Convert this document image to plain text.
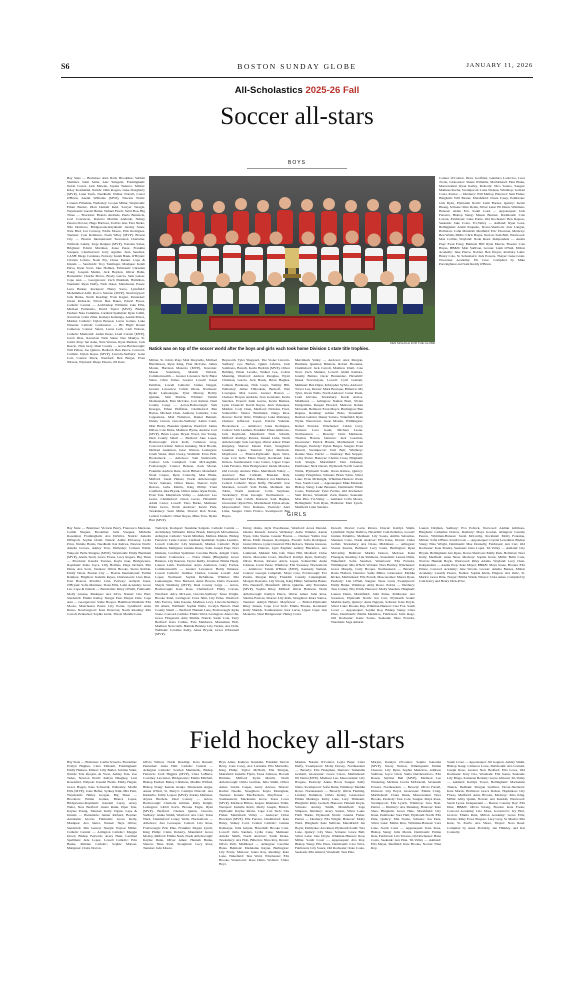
S6	BOSTON SUNDAY GLOBE	JANUARY 11, 2026
All-Scholastics 2025-26 Fall
Soccer all-stars
BOYS
Bay State — Braintree: Alex Roth, Brookline: Sebhan Shahleel, Saint Sams, Alec Smagula, Framingham: Nolan Cortes, Jack Mewak, Jayden Tedesco, Milton: Kiley Kosmalski, Natick: Odin Rogers, Luke Dougherty (MVP), Luna Teefs, Needham: Walker Norrell, Conor O'Brien, Austin Williams (MVP), Newton North: Lorenzo Filindale, Wellesley: Cooper Miller, Weymouth: Ethan Bazzet, Dion Demeil Reid, Sawyer Teragle, Weymouth: Garrett Butler, Nahuel Fasoli, Sabri Bou. Big Three — Brockton: Brando Andrade, Paulo Bettencia, Levi Conceicao, Roberto Martins Andrade, Sidney Pereira Da Luz, Hugo Barbosa, Toribio Jasa, Ezra Nieko, Nile Dermoso, Bridgewater-Raynham: Jeremy Saner, Nate Bird, Jon Conway, Eddie Moore, Erik Rodrigues, Taunton: Cole Robinson, Noah Wiley (MVP). Boston City — Boston International: Stevenson Charlaine, Wilfredo Lukby, Jorge Reignet (MVP), Yonatan Sabas, Brighton: Edwin Martinez, Josue Perez, Franklin Vasquez, Charlestown: Jerry Aguilar, Juan Sanchez, CASH: Diego Cardenas, Fenway: Isaiah Bauk, O'Bryant: Cristian Lobato, Noah Ely, Chase Rezner. Cape & Islands — Sandwich: Troy Tantlinger, Mashpee: Kaleb Paiva, Ryan Scott, Jake Holmes, Falmouth: Christian Foley, Joaquin Muller, Jack Heyden, Oliver Bahn, Barnstable: Charlie Pierce, Brody Garcia, Sam Gaiser. Cape Ann — Georgetown: Zach Pinkham, Hamilton-Wenham: Ryan Duffy, Nick Oates, Manchester Essex: Luca Barker, Rockport: Henry Sarro, Lynnfield: Mohammed Alfil, Rocco Salerno (MVP), Newburyport: Jack Burke, North Reading: Evan Kagan, Pentucket: Owen Richards, Triton: Ben Baker, Edwin Flores. Catholic Central — Archbishop Williams: Jake Ellis, Michael Furlanetto, David Taylor (MVP), Bishop Feehan: Nate Cummins, Cardinal Spellman: Ryan Cahill, Xaverian: Colin Zima, Kamayi Kamanga, Austin Prince, Malden Catholic: Dylan Benson, Lucas Gomes, Luke Wheeler. Catholic Conference — BC High: Ronan Cameron, Connor Stuart, Lucas Leib, Cam Watson, Catholic Memorial: Aidan Perez, Liam Curran (MVP), Jacob Diaz, Xaverian: Nick Saine, Deo Makiya, St. John's Prep: Ian Ashe, Nate Warren, Ryan Manton, Jack Rescio, Nick Gray. Dual County — Acton-Boxborough: Will Pellan, Joe Quince, Bedford: Ben Pierce, Concord-Carlisle: Dylan Reyes (MVP), Lincoln-Sudbury: Gabe Coll, Connor Mack, Westford: Ben Berger, Evan Nilsson, Wayland: Diego Pizarro, Eli Katz.
Connor O'Connor, Drew Godfried, Gianluca Lodovico, Luca Trotta, Gloucester: Shane Williams, Marblehead: Finn Blake, Masconomet: Ryan Kelley, Peabody: Nico Santos, Saugus: Matheus Rocha, Swampscott: Luke Nadeau, Winthrop: Gabriel Costa. Patriot — Duxbury: Will Malloy, Hanover: Sam Fisher, Hingham: Will Baxter, Marshfield: Owen Casey, Pembroke: Jack Ryan, Plymouth North: Liam Barnes, Quincy: Kevin Huang, Scituate: Max Dolan, Silver Lake: Eli Dunn, Whitman-Hanson: Aidan Fox. South Coast — Apponequet: Jack Ferreira, Bishop Stang: Mason Bernier, Dartmouth: Cole Lavoie, Fairhaven: Luke Ponte, Old Rochester: Ben Raposo, Seekonk: Jake Costa. Tri-Valley — Ashland: Ryan Goss, Bellingham: Adam Paquette, Dover-Sherborn: Jack Langan, Holliston: Colin Marshall, Medfield: Eric Thornton, Medway: Ben Walsh, Millis: Chris Hayes, Norton: Sam Bell, Westwood: Max Collins, Wayland: Noah Reed. Independent — Austin Prep: Evan Foley, Belmont Hill: Ryan Mercer, Brooks: Cole Hayes, BB&N: Matt Sullivan, Groton: Liam O'Neil, Milton Academy: Jake Pierce, Nobles: Ben Dwyer, Roxbury Latin: Henry Cole, St. Sebastian's: Jack Powers, Thayer: Luke Grant, Worcester Academy: Eli Cruz. Compiled by Mike Puccinghiere and Sam Ruddy O'Brien.
KEN McGAGH FOR THE GLOBE
Natick was on top of the soccer world after the boys and girls each took home Division 1 state title trophies.
Milton, St. John's Prep: Matt Dreyzelle, Michael Hutchinson, Ryan King, Finn McCabe, James Moran, Harrison Mazzola (MVP), Xaverian: Mason Soderberg, Maxim Vallarta. Commonwealth — Greater Lawrence Tech: Bujar Saber, Chris Tellez, Greater Lowell: Kasai Perlman, Lowell Catholic: Joshua Deggel, Greater Lawrence: Calvin Obote, Northeast: Ryder Lamontagne, Tyler Murray, Bobby Quinnn, Sam Marble, Whittier: Tamba Momenzadeh, Finn McCabe, Cort Ramon. Dual County Large — Acton-Boxborough: Sam Krueger, Ethan Hoffman, Chelmsford: Ben Bairos, Michael Chen, Anthony Calandra, Cole Cappadona, Matt Fullerton, Daniel Bennett, Danny Curran, Lincoln-Sudbury: Aidan Conti, Matt Healy, Brendan Quinlan, Westford: James Dillon, Cole Dube, Matthew Byrne, Andrew Carr (MVP), Brian Lopes, Bryan Wood, Ian Young. Dual County Small — Bedford: Jake Lopes, Boxborough: Zack Kolb, Cameron Gray, Concord-Carlisle: Simon Gunning, Nick Brodie, Michael Anderson, Isaac Warren, Lexington: Jonah Weiss, Matt Cleary, Waltham: Evan Holt. Hockomock — Attleboro: Sam Wentworth, Canton: Jack Campbell, Cam McLaughlin, Foxborough: Connor Benson, Zack Moran, Franklin: Andrew Ruiz, Jacob Hilbert, Mansfield: Noah Casper, Ryan Connolly, Max Blake, Milford: Jonah Hebert, North Attleborough: Victor Santana, Oliver Reese, Sharon: Kyle Reeves, Gabe Martin, King Philip: Trent Caulfield, Jake Bryant, Oliver Ames: Ryan Prado, Evan Tate. Merrimack Valley — Andover: Leo Grant, Chelmsford: Owen Lucas, Haverhill: Adam Carter, Lowell: Theo Burke, Methuen: Ethan Grace, North Andover: Kevin Park, Tewksbury: Sean Miller, Dracut: Rob Nolan, Central Catholic: Omar Reyes, Mike Tran, Dylan Hart (MVP).
Hepworth, Tyler Sheppard, The Stone: Lincoln-Sudbury: Leo Barber, Quinn Lefebre, Jack Sombrero, Baruch, Kevin Hedrick (MVP), Oliver Hebling, Ethan Lavelle, Walker Lee, Colton Manning, Westford: Andrew Peragine, Wyatt Christian, Garcia, Jack Hawk, Brian Hughes, Camren Barahona, Nick Carpi, Tommy Hill, Wellesley: James Thibodeau, Burkoff, Wen Lawtagne, Max Lewis. Greater Boston — Chelsea: Brayan Andrade, Ivan Gonzalez, Kevin Sanchez, Everett: Isiah Garcia, Kevin Benitez, Lynn Classical: Kevin Reyes, Juan Velasquez, Malden: Cody Chen, Medford: Nicholas Fruci, Somerville: Nestor Bermudez, Diego Rios, Revere: Kevin Ortiz, Winthrop: Luke Mahoney, Chelsea: Jefferson Lopez, Patrick Valiente. Hockomock — Attleboro: Jonas Rodrigues, Canton: Sam Lenihan, Franklin: Ethan Ambrosio, Jack Raymond, Mansfield: Nick Schultz, Milford: Rodrigo Pereira, Daniel Lima, North Attleborough: Jack Gavigan, Oliver Ames: Ethan Kingsley, Sharon: Ishaan Patel, Stoughton: Jonathan Lopes, Taunton: Tyler Machado. Mayflower — Bristol-Plymouth: Ryan Silva, Cape Cod Tech: Ethan Neary, Rockland: Jake Nelson, Southeastern: Caio Castro, Upper Cape: Liam Ferreira, West Bridgewater: Derek Moreira, Old Colony: Andrew Pinto. Merrimack Valley — Andover: Ben Cobham, Brendan Daly, Chelmsford: Sam Fuller, Billerica: Jon Matthews, Central Catholic: Ryan Duffy, Haverhill: Jose Martinez, Lowell: Sam Fedak, Methuen: Ian Tobin, North Andover: Colin Seymour, Tewksbury: Evan Keough. Northeastern — Beverly: Jake Cahill, Danvers: Sam Hughes, Gloucester: Ryan Fitts, Marblehead: Dylan Abate, Masconomet: Nico Romano, Peabody: Alex Lima, Saugus: Chris Franco, Swampscott: Ben Hayes.
Merrimack Valley — Andover: Alex Morgan, Harmane Quemon Bilancia, Robert Brookins, Chelmsford: Jack Carroll, Matthew Uhall, Cole Noel, Zach Shankar, Lowell: Abdul Kamara, Jeremy Batista, Oscar Hernandez, Haverhill: Derek Novotnayan, Lowell: Cyril Graham, Methuen: Ben Dijon, Kristopher Sylvia, Andover: Trevor Lee, Dracut: Mark Bourque, Billerica: Mo Tyler, Owen Wells, North Andover: Carter Paula, Liam Gilvane, Tewksbury: Kevin Avalos. Middlesex — Arlington: Nathan Brett, Vivian Dangerman, Reagan Howard, Melrose: Rohan McGrath, Belmont: Evan Mayor, Burlington: Ben Ragusa, Reading: Adrian Brito, Stoneham: Rueben Gabriel, Danny Soltero, Wakefield: Ryan Wylie, Watertown: Jason Mossin, Wilmington: Rafael Ferreira, Winchester: Calder Levy, Woburn: Luca Gantt, Michael Leone. Northeastern — Beverly: Chris Matheson, Thomas Bowen, Danvers: Jack Gorelick, Gloucester: Patrick Hawks, Marblehead: Cole Hartigan, Peabody: Dylan Berger, Saugus: Evan Durrell, Swampscott: Tom Bell, Winthrop: Ronnie Shea. Patriot — Duxbury: Ben Stopper, Colby Porter, Hanover: Charlie Cross, Hingham: Jack Sturgis, Marshfield: Dan Doheney, Pembroke: Nick Ducett, Plymouth North: Garrett White, Plymouth South: Owen Ramos, Quincy: Jeremy Fitzgibbon, Scituate: Brian Tolan, Silver Lake: Evan McKnight, Whitman-Hanson: Owen Tree. South Coast — Apponequet: Mike Miranda, Bishop Stang: Luke Bussiere, Dartmouth: Ethan Couto, Fairhaven: Tyler Freitas, Old Rochester: Sam Rivera, Wareham: Zack Duarte, Seekonk: Max Pina. Tri-Valley — Ashland: Colin Moore, Bellingham: Tom Ryan, Holliston: Matt Lynch, Medfield: Luke Sanders.
GIRLS
Bay State — Braintree: Victoria Barry, Francesca Mazzone, Caitlin Nugent, Brookline: Julia Vasquez, Michelle Rosenthal, Framingham: Ava DaSilva, Natick: Isabella DiNapoli, Sophia Orrell, Natick: Addie McGarey, Lydia Price, Natalie Harris, Needham: Kat Kaliwa, Newton North: Amelia Groves, Ashley Tran, Wellesley: Colleen Walsh, Walpole: Bella Shugrue (MVP), Weymouth: Emily Burnham (MVP), Alexis Snell, Grace Evans, Lucy Rogers. Big Three — Brockton: Kendra Tavares, Kayla Jean, Bridgewater-Raynham: Katie Joyce, Lilly Holmes, Paige Orchard, Mia Dunn, Ava Scott, Taunton: Olivia Brooks, Sierra Robbie, Emily Valois. Boston City — Boston International: Fatima Ramirez, Brighton: Isabella Reyes, Charlestown: Lina Diaz, East Boston: Priscilla Cruz, Fenway: Aaliyah Jones, O'Bryant: Sofia Martinez, Tiana Ellis, Latin Academy: Grace Lin. Cape & Islands — Barnstable: Riley O'Neill, Falmouth: Molly Greene, Mashpee: Ava Silva, Nauset: Lila Hart, Sandwich: Emma Kelley, Sturgis East: Harper Dale. Cape Ann — Georgetown: Sadie Hooper, Hamilton-Wenham: Ella Moore, Manchester Essex: Lily Porter, Lynnfield: Anna Russo, Newburyport: Kate Donovan, North Reading: Mia Carroll, Pentucket: Sophie Grant, Triton: Maddie Lane.
Tomczyk, Rockport: Sunshine Salgado. Catholic Central — Archbishop Williams: Khloe Brush, Marlayah McGuinness, Arlington Catholic: Sarah Minihan, Melissa Mulzer, Bishop Fenwick: Lexie Cortez, Cardinal Spellman: Sophia Leandro, Lowell Catholic: Lily Ramondi, Malden Catholic: Bryn Mulhern, Matignon: Gianna Russo, Saint Joseph Prep: Nora Dumont, Cardinal Spellman: Caroline Black, Abigail Clark. Catholic Conference — Notre Dame (Hingham): Grace Hannon, Lily Pearson, Taylor Reilly, Ursuline: Emma Healy, Lauren Leith, Fontbonne: Aiyla Anderson, Gaby Forbes. Commonwealth — Greater Lawrence: Heidy Jimenez, Lowell Catholic: Jasmine Charles, Greater Lowell: Ana Lopez, Northeast: Sophia DeSimone, Whittier: Mia Lamontagne, Nico Bernard, Anna Bowen, Della Zwaaard, Shayla Weinberg (MVP). Dual County Large — Acton-Boxborough: Kate Rose, Chelmsford: Emily Craven, Westford: Alice McLean, Lincoln-Sudbury: Tessa Wright, Brooke Patel, Lexington: Clara Shin, Lily Eriks, Westford: Mia Ferrara, Julia Kearns, Madison Levy, Lincoln-Sudbury: Jill Ahern, Waltham: Sophie Wells, Jocelyn Barrett. Dual County Small — Bedford: Hannah Lane, Boxborough: Kylie Stone, Concord-Carlisle: Emma Ward, Lexington: Anna Chu, Grace Fitzgerald, Amy Mathis, Natick: Sarah Cole, Tarry Bedford: Kaia Collins, Evie Matthews, Mackenzie Holt, Madison Newcomb, Hannah Bentley, Lily Tucker, Ava Ortiz, Waltham: Caroline Kelly, Jenna Bryant, Grace O'Donnell (MVP).
Davey Orsha, Jayla Woodhouse, Westford: Arcea Durand, Onaxia Khoudi, Zeneve Wellesley: Aolin Winkler, Alexis Nyen, Lilia Steene. Greater Boston — Chelsea: Yadira Jose Rivas, Emili Vasquez, Rodriguez, Everett: Sofia Rodriguez, Giani Olivera, Lynn Classical: Ella DeLuca, Tatiana Gleason, McKenna Duncan, Lynn English: Aubrey Blackfoot, Ava Lamirand, Malden: Mia Gill, Tiana Hill, Medford: Chloe Davis, Mercedes Costa, Medford: Kaitlyn Ryan, Peabody: Olivia Horton, Revere: Alicia Lopez, Somerville: Aisha Johnson, Lucía Perez, Winthrop: Ella Sweeney. Hockomock — Attleboro: Tatum O'Brien (MVP), Kennedy Samuel, Canton: Georgia Campbell, Maya Cote, Foxborough: Eva Pruzin, Morgan Riley, Franklin: Cassidy Cunningham, Morgan Doucette, Lily Strong, King Philip: Samantha Baker, Ella Neudorff, Mansfield: Olivia Quinlan, Ally Ferrandes (MVP), Sophia Riley, Milford: Olivia Halloran, North Attleborough: Kaitlyn Pierce, Oliver Ames: Julie Ross, Sabrina Esteves, Sharon: Lily Roth, Stoughton: Kiara Santos, Taunton: Ashlyn Hebert. Mayflower — Bristol-Plymouth: Riley Jensen, Cape Cod Tech: Emma Brooks, Rockland: Kelly Shields, Southeastern: Sara Lucas, Upper Cape: Jess Monteiro, West Bridgewater: Hailey Costa.
Dowell, Dracut: Lacie Rivera, Dracut: Kaitlyn Smith, Lynnfield: Tayler DaSilva, Haverhill: Cam Pellerino, Lowell: Gianna Palumbo, Methuen: Lily Souza, Amilia Sebastiao, Shannon Cotte, North Andover: Ella Kane, Dracut: Claire Gollett, Tewksbury: Ava Chase. Middlesex — Arlington: Sloane Kearns, Belmont: Lucy Grant, Burlington: Ryan McCarthy, Belmont: Martha Doiron, Melrose: Katie Flanagan, Reading: Lila Simmons, Stoneham: Lauren Dinfa, Wakefield: Sofia Sanchez, Watertown: Ella Ferreira, Wilmington: Mia O'Neil, Woburn: Nora Hartley, Winchester: Grace Murphy, Carly Hooper. Northeastern — Beverly: Rosie Holbert, Danvers: Sadie Miller, Gloucester: Maddie Ricker, Marblehead: Ella Ferrell, Masconomet: Maeve Ryan, Peabody: Lila O'Neil, Saugus: Tessa Lynn, Swampscott: Emily Burke, Winthrop: Abby Rowe. Patriot — Duxbury: Tess Carney, Ella Wirth, Hanover: Molly Sheehan, Hingham: Lauren Dunn, Marshfield: Julia Paine, Pembroke: Ava Sorenson, Plymouth North: Jen Carr, Plymouth South: Maddie Kelly, Quincy: Anna Nguyen, Scituate: Kate Doyle, Silver Lake: Brooke Ray, Whitman-Hanson: Cara Fox. South Coast — Apponequet: Sophie Roy, Bishop Stang: Clara Pires, Dartmouth: Emma Medeiros, Fairhaven: Julia Rego, Old Rochester: Katie Souza, Seekonk: Nina Ferreira, Wareham: Sage Amaral.
Lauren Dirjman, Sudbury: Eva Pollock, Norwood: Aislinn Gillmore, Hingham: Catherine Doiron, Duxbury: Maya Gordon, Abington: Cassidy Pearce, Whitman-Hanson: Sarah McCarthy, Rockland: Molly Fontaine, Milton: Sofia O'Hara. South Coast — Apponequet: Crystal Leventhal, Bishop Stang: Nina Wright, Dartmouth: Mae Donnelly, Fairhaven: Ava Carr, Old Rochester: Kate Pereira, Seekonk: Gina Lopes. Tri-Valley — Ashland: Lily Bryant, Bellingham: Ava Ryan, Dover-Sherborn: Emily Park, Holliston: Nora Kelly, Medfield: Anna Shaw, Medway: Sophie Grant, Millis: Bella Cruz, Norton: Hannah Boyle, Westwood: Riley Adams, Wayland: Lucy Chen. Independent — Austin Prep: Kate Mayer, BB&N: Maya Stone, Brooks: Ella Prince, Concord Academy: Jane Woods, Groton: Amelia Barnes, Milton Academy: Cassidy Pearce, Nobles: Sophia Klein, Pingree: Ava Ortiz, St. Mark's: Grace Hale, Thayer: Emma Walsh, Winsor: Clara Ames. Compiled by Cam Kerry and Henry Dick-Price.
Field hockey all-stars
Bay State — Braintree: Caelin Sciascia, Brookline: Evelyn Hughes, Clara Thibault, Framingham: Emily Hudson, Milton: Lilly Butler, Sabrina Sinin, Natick: Tate Deojan, Ai Yoon, Ashley Tate, Zoe Tedeo, Newton North: Kellyn Haughey, Lexi Rosenfeld, Walpole: Kendal Fields, Emily Hagan, Grace Hagen, Kate Schwerdt, Wellesley: Mollie Ellis (MVP), Josie Hefler, Sydney Kim, Mia Piatt, Weymouth: Hailey Grogan. Big Three — Brockton: Emma Gomes, Bianca Lopes, Bridgewater-Raynham: Kendall Carey, Avery Weitz, New Bedford: Jaasia Runk, Piper Tate, Kaylee Young, Taunton: Kelly Vigant. Cape & Islands — Barnstable: Jenner Richard, Bourne: Annabelle Glover, Falmouth: Grace Kelly, Mashpee: Ava Sierra, Nauset: Skye Oliver, Sandwich: Mia Garrett, Sturgis: Payton Miller. Catholic Central — Arlington Catholic: Maggie Dowd, Bishop Fenwick: Avery Hunt, Cardinal Spellman: Jade Lopez, Lowell Catholic: Erin Burke, Malden Catholic: Sophie Matson, Matignon: Claire Norton.
Olivia Wilson, North Reading: Kara Russell, Pentucket: Anna Hall. Catholic Central — Arlington Catholic: Scarlett Martinello, Bishop Fenwick: Jordi Higgins (MVP), Clara LaBarre, Courtney Lawrence, Bridgewater: Emma Mitchell, Bishop Feehan: Bailey Childress, Maddie Wilfred. Bishop Stang: Kenzie Araujo, Mackenzie Aujpe, Annie O'Neil, St. Mary's: Camdyn Driscoll, Ava Kinkarlis, Tabby Lepore (MVP), Karina Martinez, Alyssa Buchele. Dual County — Acton-Boxborough: Charlotte Gilman, Ruby Knight, Lexington: Libbit Koch, Brooke Eagle, Ryan (MVP), Bedford: Chelsea Quinn, Lincoln-Sudbury: Annie Smith, Westford: Ava Carr, Tessa Ward, Chelmsford: Laney Wells. Hockomock — Attleboro: Ava Levesque, Canton: Lila Rose, Foxborough: Erin Pike, Franklin: Megan Lynch, King Philip: Claire Doherty, Mansfield: Grace Molloy, Milford: Emma Nash, North Attleborough: Kaylee Dunn, Oliver Ames: Hannah Burke, Sharon: Nina Patel, Stoughton: Lucy Ross, Taunton: Jada Moore.
Bryn Allen, Kathryn Staniszki, Franklin: Devon Berry, Josie Carey, Ava Lucinski, Ella Mucielilo, King Philip: Taylor McNeill, Ella Morgan, Mansfield: Isabelle Flynn, Tessa Johnson, Bocada Harman, Milford: Kylie Merritt, North Attleborough: Olivia Gorman, Julia Smith, Oliver Ames: Lindie Caspar, Avery Adores, Sharon: Rachel Needle, Stoughton: Kayla Monaghan, Taunton: Kenzie MacEachern. Mayflower — Southeastern: Mackenzie Grow, Tessa Lowe (MVP), Madison Billow, Kagan, Rhiannon Tollin, Westport: Isabelle Robb, Molly Joseph, Bristol-Plymouth: Kaylee Morin, Cape Cod Tech: Lila Fisher. Merrimack Valley — Andover: Chloe Howland (MVP), Ella Ferrara, Chelmsford: Kate Haley, Sidney Cord, Central Catholic: Gianna Ramseyer, Julia Grinda, Haverhill: Brooke Cruz, Lowell: Julia Sanders, Lydia Cane, Methuen: Amelia Smith, North Andover: Sarah Drake, Tewksbury: Ava Holt, Billerica: Nina Roy, Dracut: Olivia Petit. Middlesex — Arlington: Caroline Bates, Belmont: Madeleine Kayne, Burlington: Lily Ferris, Melrose: Jenna Roy, Reading: Kate Lane, Wakefield: Tess Ward, Winchester: Ella Brooks, Watertown: Rose Dunn, Woburn: Claire Hoyt.
Maiden, Natalie O'Connor, Leyla Bajer, Clara Duffy, Swampscott: Molly Dorsey, Northeastern — Beverly: Ella Hodgman, Danvers: Samantha Graham, Gloucester: Grace Caron, Marblehead: Jill Denn (MVP), Madison Lee, Masconomet: Lily Borgate, Peabody: Annie Hood, Saugus: Kelly Watts, Swampscott: Sofia Dunn, Winthrop: Maddie Rowe. Northeastern — Beverly: Olivia Fleming, Lindsey Dammon, Olivia Kenny, Gloucester: Emma Madruga, Kirby Lane, Lucy Thibeault, Hingham: Riley Godsell, Hanover: Hannah Doyle, Scituate: Audrey Smith, Marshfield: Sage Simpson, Duxbury: Avery Sutton, Silver Lake: Faith Burke, Plymouth North: Gianna Fisher. Patriot — Duxbury: Ella Wright, Hanover: Molly Ward, Hingham: Kate Sullivan, Marshfield: Jen Boyle, Pembroke: Ava Reed, Plymouth South: Tara Lane, Quincy: Lily Shea, Scituate: Grace Bell, Silver Lake: Jane Doyle, Whitman-Hanson: Rose Miller. South Coast — Apponequet: Ava Roy, Bishop Stang: Elle Pires, Dartmouth: Cara Silva, Fairhaven: Lily Souza, Old Rochester: Kate Couto, Seekonk: Mia Amaral, Wareham: Tess Pina.
Marjan, Katelyn O'Connor, Sophia Sokorski (MVP), Stacey Nelson, Winnisquam: Emma Cheever, Lily Ryan, Sophia Medeiros, Addison Sullivan, Joyce Chen, Stella DeChristoforo, Ella Rosen, Sabrina Bell (MVP), Madison Lee Wintering, Melanie Jacobs McDonald, Savannah Powers. Northeastern — Beverly: Olivia Farrell, Danvers: Lily Boyd, Gloucester: Emma Craig, Marblehead: Claire Dunn, Masconomet: Nora Brooks, Peabody: Tess Cole, Saugus: Maya Ross, Swampscott: Ella Lynch, Winthrop: Sara Neal. Patriot — Duxbury: Ava Manning, Hanover: Kate Shea, Hingham: Grace Hale, Marshfield: Lily Kane, Pembroke: Sara Hall, Plymouth North: Ella Dale, Quincy: Mia Nolan, Scituate: Jen Park, Silver Lake: Emma Rice, Whitman-Hanson: Cara Lane. South Coast — Apponequet: Kate Ross, Bishop Stang: Julia Moniz, Dartmouth: Emma Reis, Fairhaven: Lila Tavares, Old Rochester: Hana Costa, Seekonk: Ava Pina. Tri-Valley — Ashland: Ella Mayer, Medfield: Kate Brooks, Norton: Nina Roy.
South Coast — Apponequet: Jill Gagnon, Ashley Smith, Bishop Stang: Cameron Lowe, Dartmouth: Ava Connell, Joseph Rose, Greater New Bedford: Ella Lowe, Old Rochester: Katy Cho, Wareham: Ella Sousa, Seekonk: Lily Braga, Somerset Berkley: Grace Abboud. Tri-Valley — Ashland: Kaitlyn Tower, Bellingham: Mackenzie Thelen, Dedham: Morgan Gulliver, Dover-Sherborn: Kate Marsh, Holliston: Grace Dalton, Hopkinton: Lily Flores, Medfield: Anna Brooks, Medway: Julia King, Millis: Abby Quinn, Norton: Ava Kendall, Westwood: Sarah Lyons. Independent — Beaver Country Day: Ella Diaz, BB&N: Olivia Strong, Brooks: Kate Foster, Concord Academy: Lila Moss, Governor's: Ivy Hart, Groton: Emma Ruiz, Milton Academy: Grace Ellis, Nobles: Riley Frost, Pingree: Lucy Gray, St. Mark's: Mia Kent, St. Paul's: Ava Shore, Thayer: Nora Reed. Compiled by Anna Probably, Jen Hinkley, and Kat Connolly.
